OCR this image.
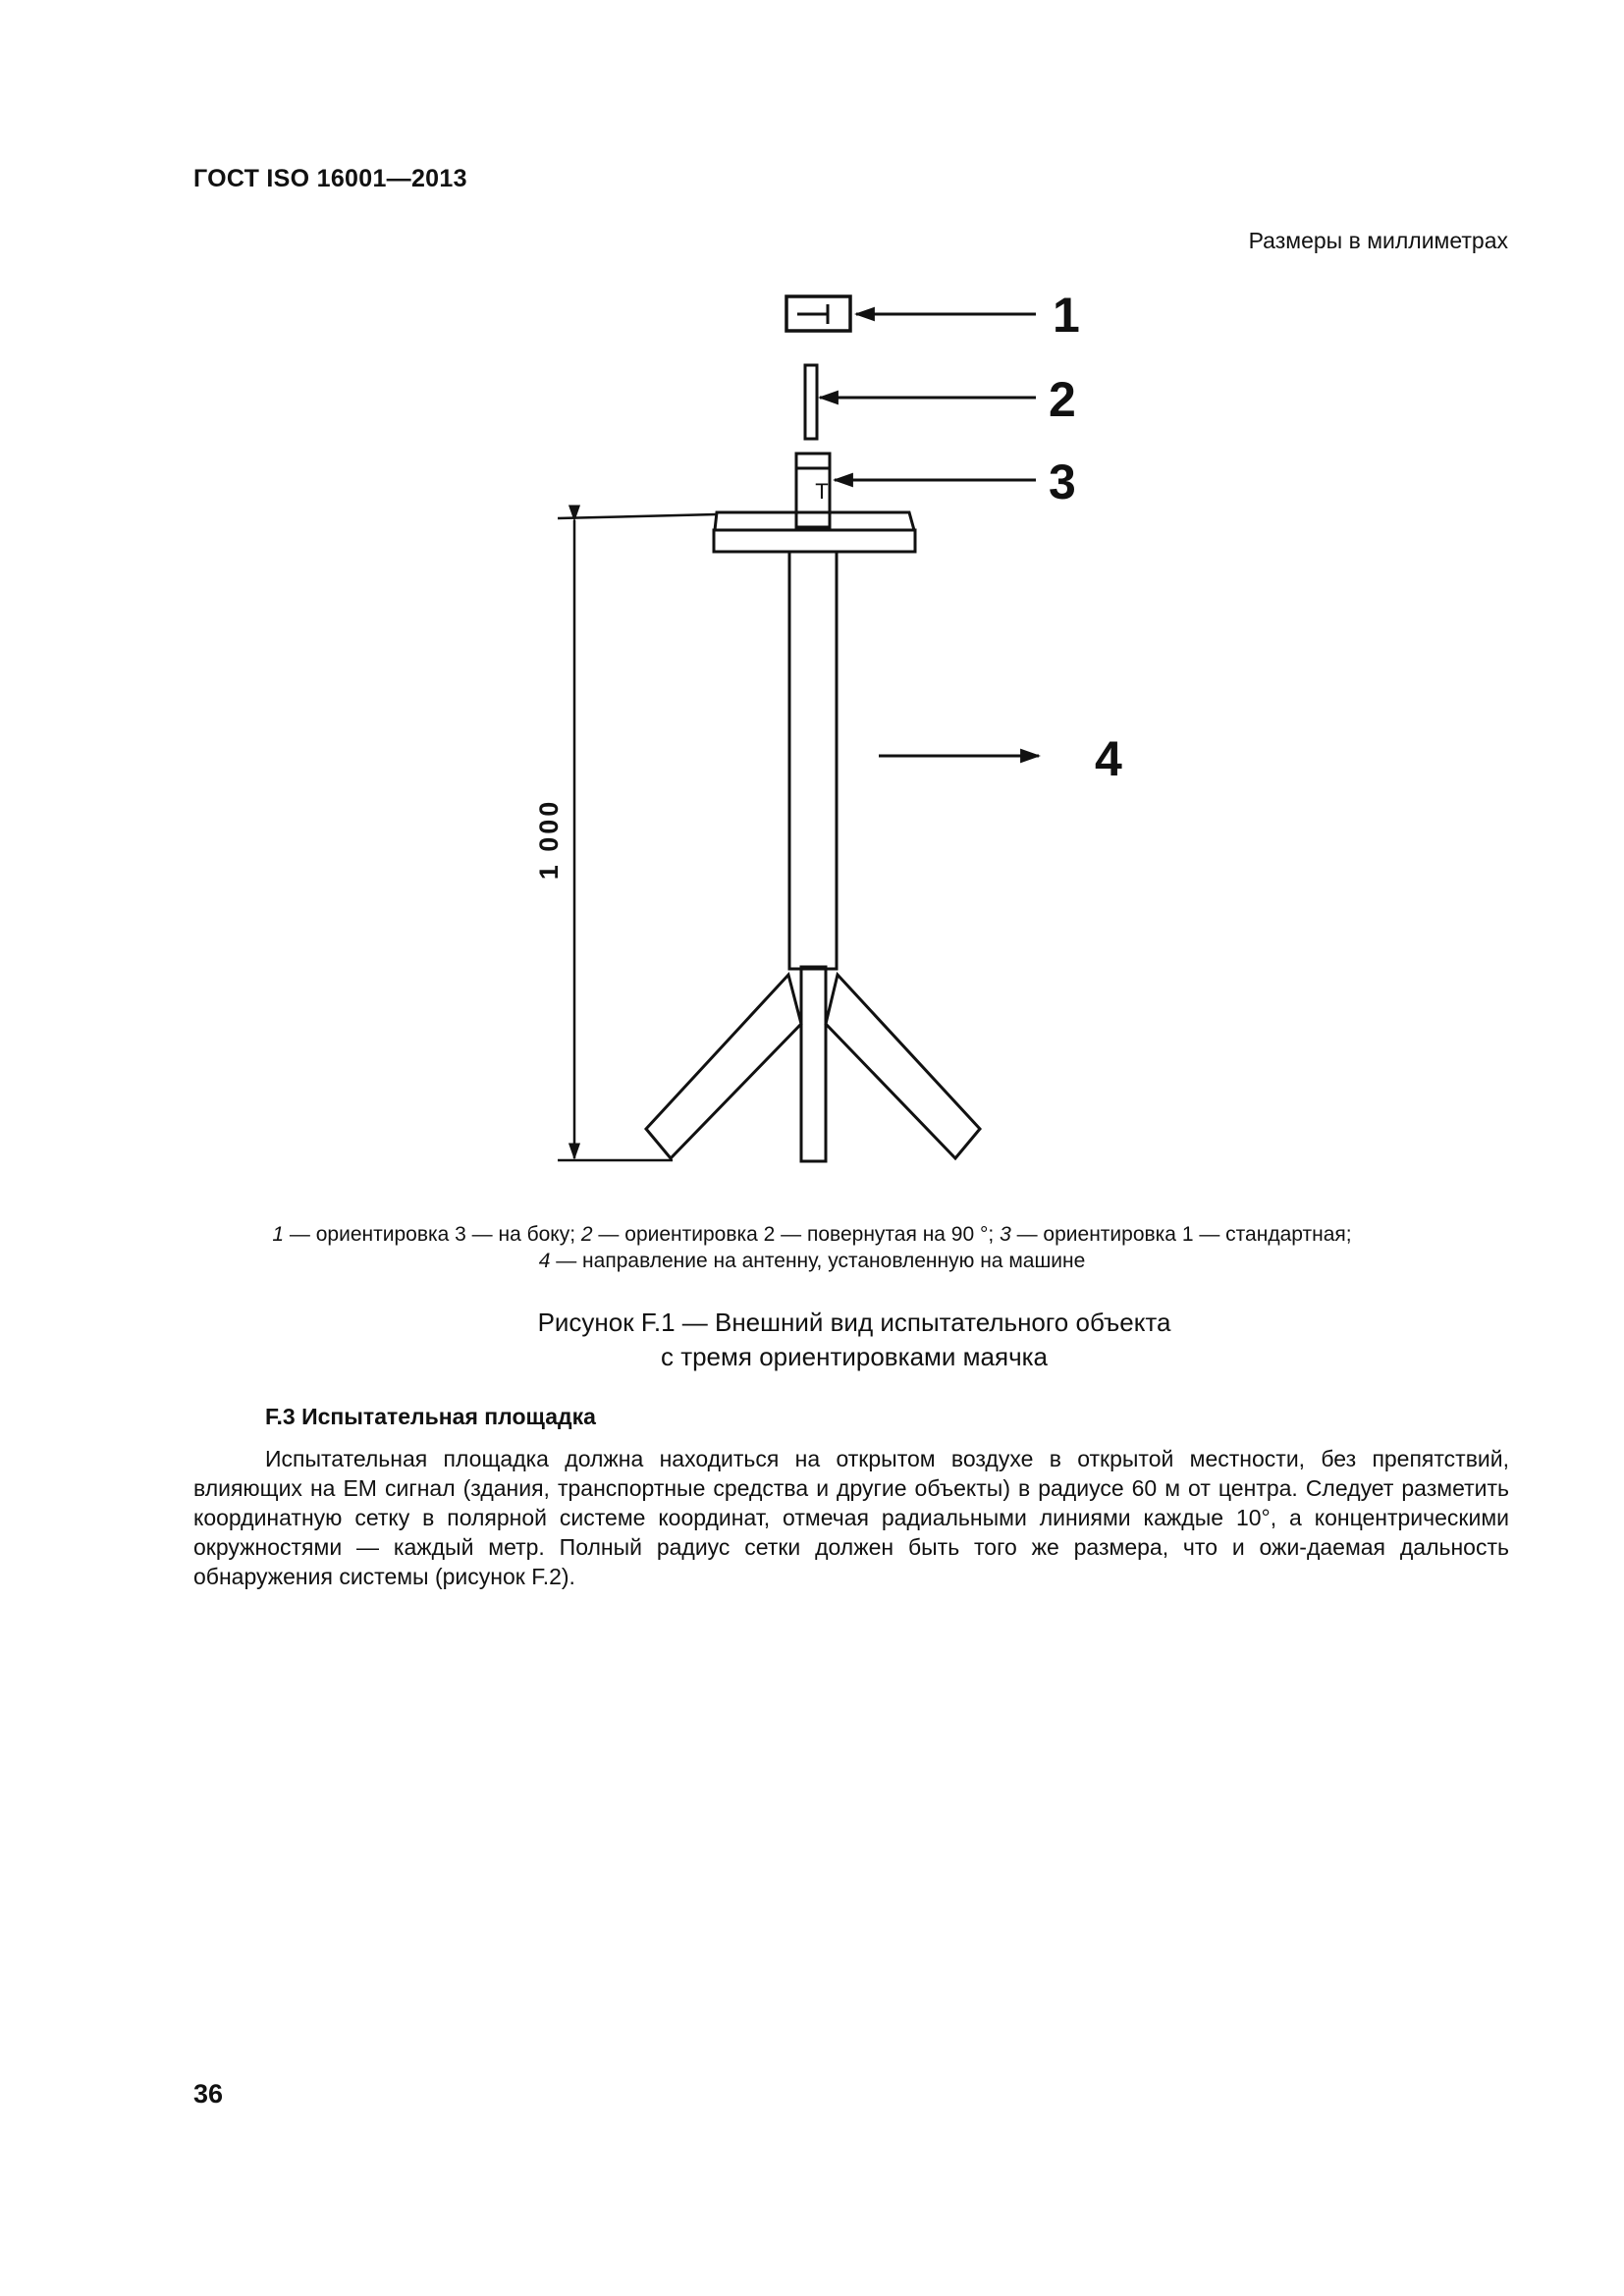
ГОСТ ISO 16001—2013
Размеры в миллиметрах
1 000
T
1
2
3
4
1 — ориентировка 3 — на боку; 2 — ориентировка 2 — повернутая на 90 °; 3 — ориентировка 1 — стандартная;
4 — направление на антенну, установленную на машине
Рисунок F.1 — Внешний вид испытательного объекта
с тремя ориентировками маячка
F.3 Испытательная площадка
Испытательная площадка должна находиться на открытом воздухе в открытой местности, без препятствий, влияющих на ЕМ сигнал (здания, транспортные средства и другие объекты) в радиусе 60 м от центра. Следует разметить координатную сетку в полярной системе координат, отмечая радиальными линиями каждые 10°, а концентрическими окружностями — каждый метр. Полный радиус сетки должен быть того же размера, что и ожи-даемая дальность обнаружения системы (рисунок F.2).
36
